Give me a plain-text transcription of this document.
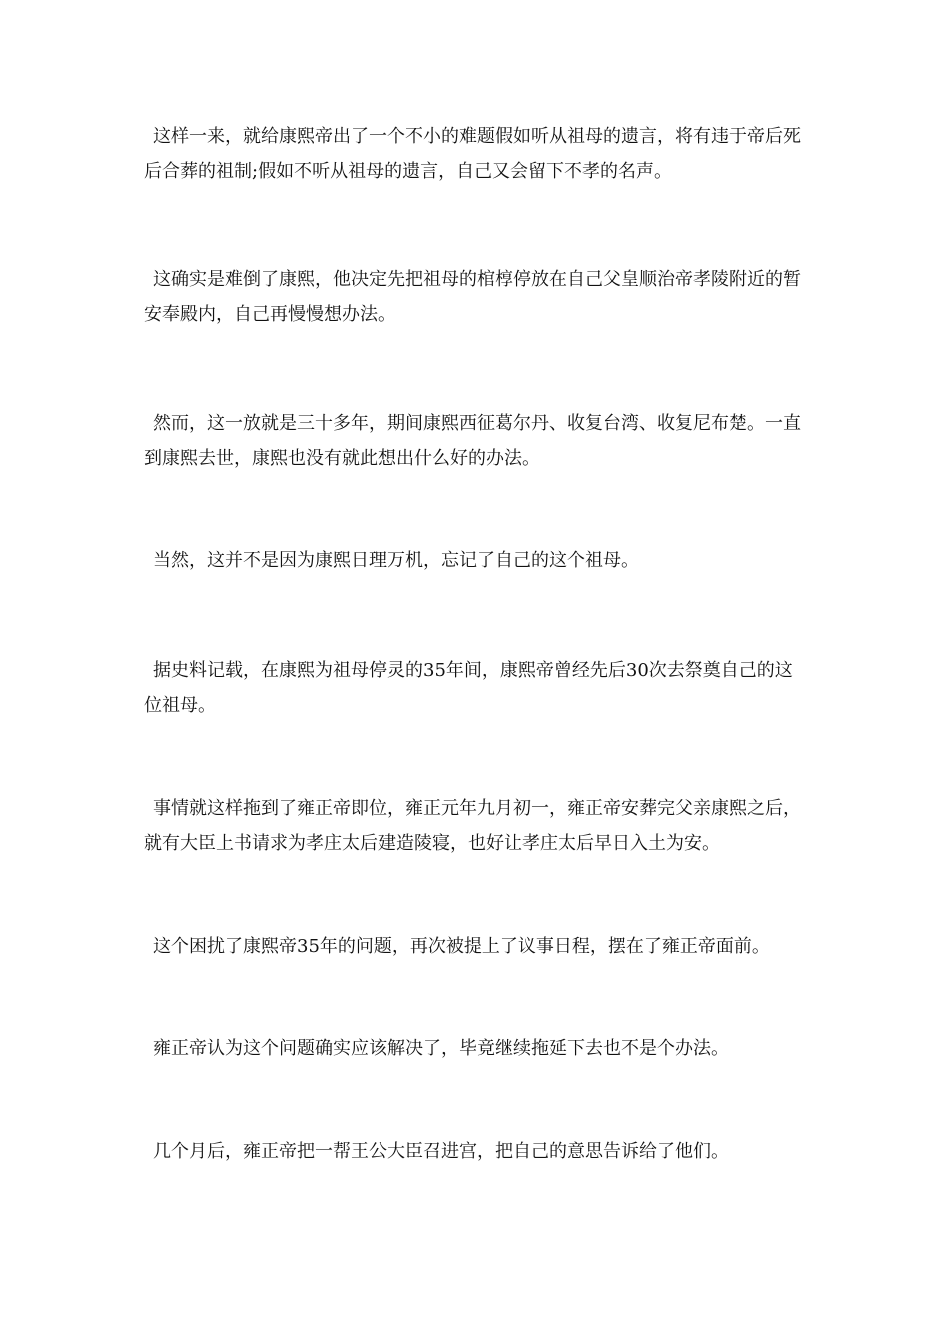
这样一来，就给康熙帝出了一个不小的难题假如听从祖母的遗言，将有违于帝后死后合葬的祖制;假如不听从祖母的遗言，自己又会留下不孝的名声。

这确实是难倒了康熙，他决定先把祖母的棺椁停放在自己父皇顺治帝孝陵附近的暂安奉殿内，自己再慢慢想办法。

然而，这一放就是三十多年，期间康熙西征葛尔丹、收复台湾、收复尼布楚。一直到康熙去世，康熙也没有就此想出什么好的办法。

当然，这并不是因为康熙日理万机，忘记了自己的这个祖母。

据史料记载，在康熙为祖母停灵的35年间，康熙帝曾经先后30次去祭奠自己的这位祖母。

事情就这样拖到了雍正帝即位，雍正元年九月初一，雍正帝安葬完父亲康熙之后，就有大臣上书请求为孝庄太后建造陵寝，也好让孝庄太后早日入土为安。

这个困扰了康熙帝35年的问题，再次被提上了议事日程，摆在了雍正帝面前。

雍正帝认为这个问题确实应该解决了，毕竟继续拖延下去也不是个办法。

几个月后，雍正帝把一帮王公大臣召进宫，把自己的意思告诉给了他们。
